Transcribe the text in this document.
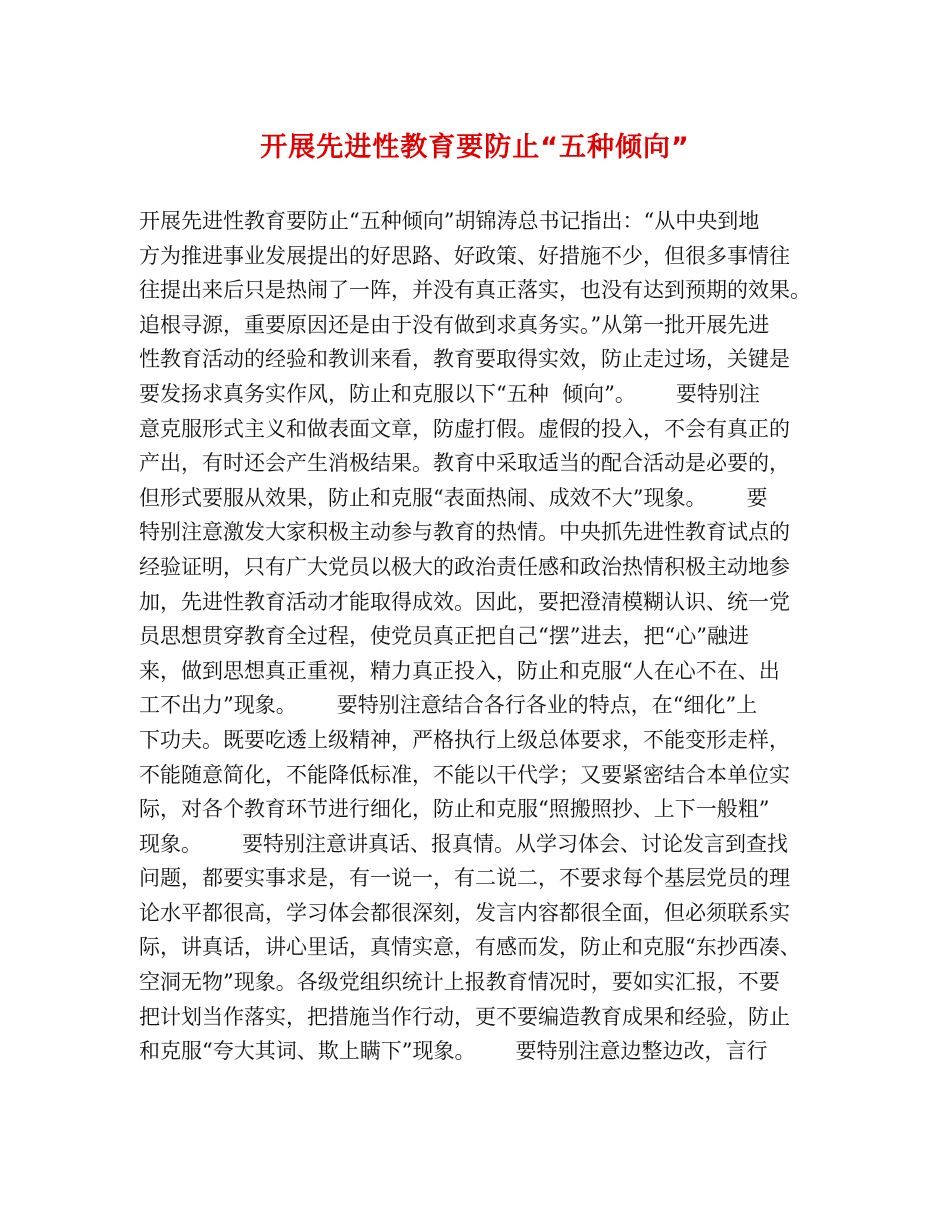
开展先进性教育要防止“五种倾向”
开展先进性教育要防止“五种倾向”胡锦涛总书记指出：“从中央到地
方为推进事业发展提出的好思路、好政策、好措施不少，但很多事情往
往提出来后只是热闹了一阵，并没有真正落实，也没有达到预期的效果。
追根寻源，重要原因还是由于没有做到求真务实。”从第一批开展先进
性教育活动的经验和教训来看，教育要取得实效，防止走过场，关键是
要发扬求真务实作风，防止和克服以下“五种  倾向”。      要特别注
意克服形式主义和做表面文章，防虚打假。虚假的投入，不会有真正的
产出，有时还会产生消极结果。教育中采取适当的配合活动是必要的，
但形式要服从效果，防止和克服“表面热闹、成效不大”现象。      要
特别注意激发大家积极主动参与教育的热情。中央抓先进性教育试点的
经验证明，只有广大党员以极大的政治责任感和政治热情积极主动地参
加，先进性教育活动才能取得成效。因此，要把澄清模糊认识、统一党
员思想贯穿教育全过程，使党员真正把自己“摆”进去，把“心”融进
来，做到思想真正重视，精力真正投入，防止和克服“人在心不在、出
工不出力”现象。      要特别注意结合各行各业的特点，在“细化”上
下功夫。既要吃透上级精神，严格执行上级总体要求，不能变形走样，
不能随意简化，不能降低标准，不能以干代学；又要紧密结合本单位实
际，对各个教育环节进行细化，防止和克服“照搬照抄、上下一般粗”
现象。      要特别注意讲真话、报真情。从学习体会、讨论发言到查找
问题，都要实事求是，有一说一，有二说二，不要求每个基层党员的理
论水平都很高，学习体会都很深刻，发言内容都很全面，但必须联系实
际，讲真话，讲心里话，真情实意，有感而发，防止和克服“东抄西凑、
空洞无物”现象。各级党组织统计上报教育情况时，要如实汇报，不要
把计划当作落实，把措施当作行动，更不要编造教育成果和经验，防止
和克服“夸大其词、欺上瞒下”现象。      要特别注意边整边改，言行
